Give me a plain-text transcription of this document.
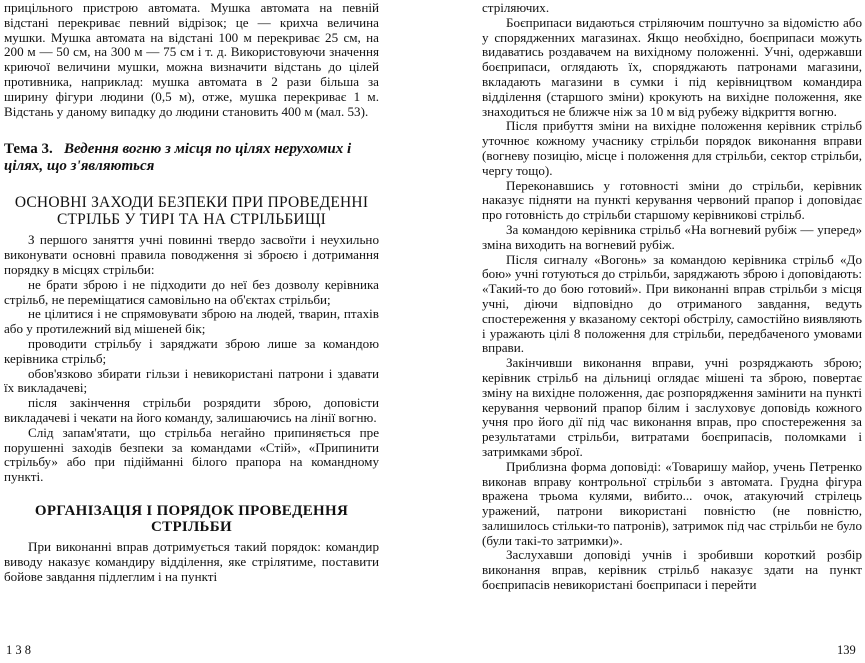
прицільного пристрою автомата. Мушка автомата на певній відстані перекриває певний відрізок; це — крихча величина мушки. Мушка автомата на відстані 100 м перекриває 25 см, на 200 м — 50 см, на 300 м — 75 см і т. д. Використовуючи значення криючої величини мушки, можна визначити відстань до цілей противника, наприклад: мушка автомата в 2 рази більша за ширину фігури людини (0,5 м), отже, мушка перекриває 1 м. Відстань у даному випадку до людини становить 400 м (мал. 53).

Тема 3. Ведення вогню з місця по цілях нерухомих і цілях, що з'являються

ОСНОВНІ ЗАХОДИ БЕЗПЕКИ ПРИ ПРОВЕДЕННІ СТРІЛЬБ У ТИРІ ТА НА СТРІЛЬБИЩІ

З першого заняття учні повинні твердо засвоїти і неухильно виконувати основні правила поводження зі зброєю і дотримання порядку в місцях стрільби:

не брати зброю і не підходити до неї без дозволу керівника стрільб, не переміщатися самовільно на об'єктах стрільби;

не цілитися і не спрямовувати зброю на людей, тварин, птахів або у протилежний від мішеней бік;

проводити стрільбу і заряджати зброю лише за командою керівника стрільб;

обов'язково збирати гільзи і невикористані патрони і здавати їх викладачеві;

після закінчення стрільби розрядити зброю, доповісти викладачеві і чекати на його команду, залишаючись на лінії вогню.

Слід запам'ятати, що стрільба негайно припиняється пре порушенні заходів безпеки за командами «Стій», «Припинити стрільбу» або при підійманні білого прапора на командному пункті.

ОРГАНІЗАЦІЯ І ПОРЯДОК ПРОВЕДЕННЯ СТРІЛЬБИ

При виконанні вправ дотримується такий порядок: командир виводу наказує командиру відділення, яке стрілятиме, поставити бойове завдання підлеглим і на пункті

1 3 8

стріляючих.

Боєприпаси видаються стріляючим поштучно за відомістю або у спорядженних магазинах. Якщо необхідно, боєприпаси можуть видаватись роздавачем на вихідному положенні. Учні, одержавши боєприпаси, оглядають їх, споряджають патронами магазини, вкладають магазини в сумки і під керівництвом командира відділення (старшого зміни) крокують на вихідне положення, яке знаходиться не ближче ніж за 10 м від рубежу відкриття вогню.

Після прибуття зміни на вихідне положення керівник стрільб уточнює кожному учаснику стрільби порядок виконання вправи (вогневу позицію, місце і положення для стрільби, сектор стрільби, чергу тощо).

Переконавшись у готовності зміни до стрільби, керівник наказує підняти на пункті керування червоний прапор і доповідає про готовність до стрільби старшому керівникові стрільб.

За командою керівника стрільб «На вогневий рубіж — уперед» зміна виходить на вогневий рубіж.

Після сигналу «Вогонь» за командою керівника стрільб «До бою» учні готуються до стрільби, заряджають зброю і доповідають: «Такий-то до бою готовий». При виконанні вправ стрільби з місця учні, діючи відповідно до отриманого завдання, ведуть спостереження у вказаному секторі обстрілу, самостійно виявляють і уражають цілі 8 положення для стрільби, передбаченого умовами вправи.

Закінчивши виконання вправи, учні розряджають зброю; керівник стрільб на дільниці оглядає мішені та зброю, повертає зміну на вихідне положення, дає розпорядження замінити на пункті керування червоний прапор білим і заслуховує доповідь кожного учня про його дії під час виконання вправ, про спостереження за результатами стрільби, витратами боєприпасів, поломками і затримками зброї.

Приблизна форма доповіді: «Товаришу майор, учень Петренко виконав вправу контрольної стрільби з автомата. Грудна фігура вражена трьома кулями, вибито... очок, атакуючий стрілець уражений, патрони використані повністю (не повністю, залишилось стільки-то патронів), затримок під час стрільби не було (були такі-то затримки)».

Заслухавши доповіді учнів і зробивши короткий розбір виконання вправ, керівник стрільб наказує здати на пункт боєприпасів невикористані боєприпаси і перейти

139
